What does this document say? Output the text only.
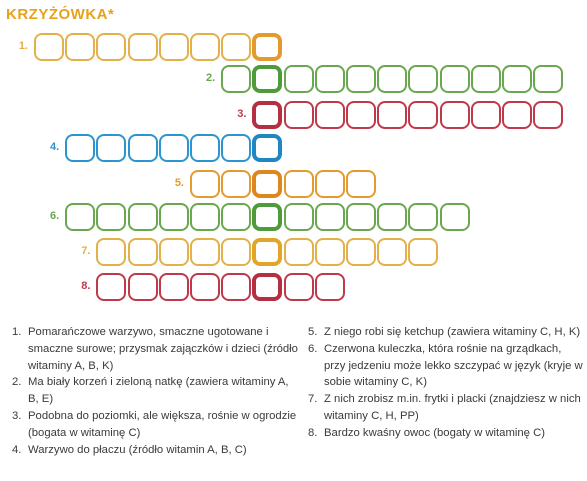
KRZYŻÓWKA*
1.
2.
3.
4.
5.
6.
7.
8.
1. Pomarańczowe warzywo, smaczne ugotowane i smaczne surowe; przysmak zajączków i dzieci (źródło witaminy A, B, K)
2. Ma biały korzeń i zieloną natkę (zawiera witaminy A, B, E)
3. Podobna do poziomki, ale większa, rośnie w ogrodzie (bogata w witaminę C)
4. Warzywo do płaczu (źródło witamin A, B, C)
5. Z niego robi się ketchup (zawiera witaminy C, H, K)
6. Czerwona kuleczka, która rośnie na grządkach, przy jedzeniu może lekko szczypać w język (kryje w sobie witaminy C, K)
7. Z nich zrobisz m.in. frytki i placki (znajdziesz w nich witaminy C, H, PP)
8. Bardzo kwaśny owoc (bogaty w witaminę C)
